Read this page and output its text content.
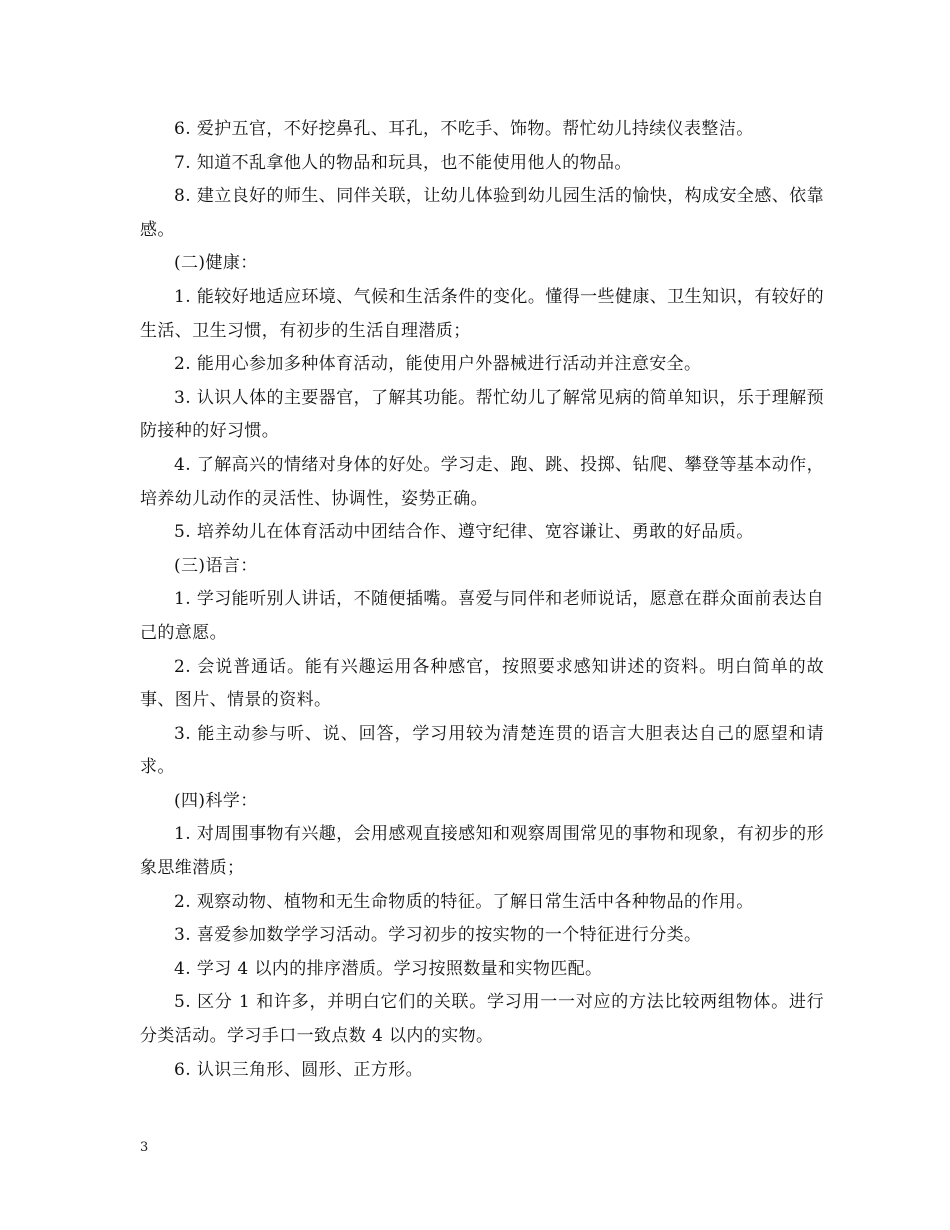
6. 爱护五官，不好挖鼻孔、耳孔，不吃手、饰物。帮忙幼儿持续仪表整洁。

7. 知道不乱拿他人的物品和玩具，也不能使用他人的物品。

8. 建立良好的师生、同伴关联，让幼儿体验到幼儿园生活的愉快，构成安全感、依靠感。

(二)健康：

1. 能较好地适应环境、气候和生活条件的变化。懂得一些健康、卫生知识，有较好的生活、卫生习惯，有初步的生活自理潜质；

2. 能用心参加多种体育活动，能使用户外器械进行活动并注意安全。

3. 认识人体的主要器官，了解其功能。帮忙幼儿了解常见病的简单知识，乐于理解预防接种的好习惯。

4. 了解高兴的情绪对身体的好处。学习走、跑、跳、投掷、钻爬、攀登等基本动作，培养幼儿动作的灵活性、协调性，姿势正确。

5. 培养幼儿在体育活动中团结合作、遵守纪律、宽容谦让、勇敢的好品质。

(三)语言：

1. 学习能听别人讲话，不随便插嘴。喜爱与同伴和老师说话，愿意在群众面前表达自己的意愿。

2. 会说普通话。能有兴趣运用各种感官，按照要求感知讲述的资料。明白简单的故事、图片、情景的资料。

3. 能主动参与听、说、回答，学习用较为清楚连贯的语言大胆表达自己的愿望和请求。

(四)科学：

1. 对周围事物有兴趣，会用感观直接感知和观察周围常见的事物和现象，有初步的形象思维潜质；

2. 观察动物、植物和无生命物质的特征。了解日常生活中各种物品的作用。

3. 喜爱参加数学学习活动。学习初步的按实物的一个特征进行分类。

4. 学习 4 以内的排序潜质。学习按照数量和实物匹配。

5. 区分 1 和许多，并明白它们的关联。学习用一一对应的方法比较两组物体。进行分类活动。学习手口一致点数 4 以内的实物。

6. 认识三角形、圆形、正方形。

3
